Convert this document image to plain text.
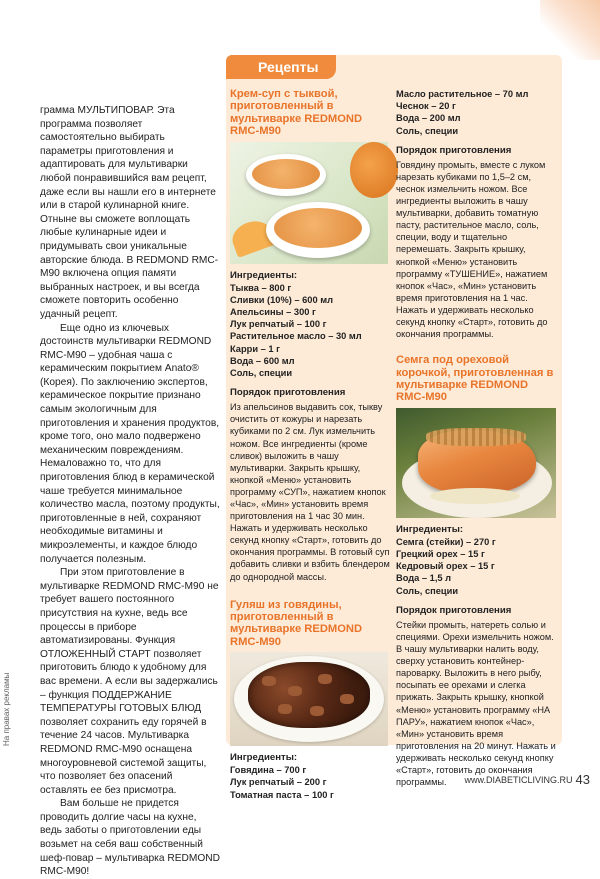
На правах рекламы

грамма МУЛЬТИПОВАР. Эта программа позволяет самостоятельно выбирать параметры приготовления и адаптировать для мультиварки любой понравившийся вам рецепт, даже если вы нашли его в интернете или в старой кулинарной книге. Отныне вы сможете воплощать любые кулинарные идеи и придумывать свои уникальные авторские блюда. В REDMOND RMC-M90 включена опция памяти выбранных настроек, и вы всегда сможете повторить особенно удачный рецепт.

Еще одно из ключевых достоинств мультиварки REDMOND RMC-M90 – удобная чаша с керамическим покрытием Anato® (Корея). По заключению экспертов, керамическое покрытие признано самым экологичным для приготовления и хранения продуктов, кроме того, оно мало подвержено механическим повреждениям. Немаловажно то, что для приготовления блюд в керамической чаше требуется минимальное количество масла, поэтому продукты, приготовленные в ней, сохраняют необходимые витамины и микроэлементы, и каждое блюдо получается полезным.

При этом приготовление в мультиварке REDMOND RMC-M90 не требует вашего постоянного присутствия на кухне, ведь все процессы в приборе автоматизированы. Функция ОТЛОЖЕННЫЙ СТАРТ позволяет приготовить блюдо к удобному для вас времени. А если вы задержались – функция ПОДДЕРЖАНИЕ ТЕМПЕРАТУРЫ ГОТОВЫХ БЛЮД позволяет сохранить еду горячей в течение 24 часов. Мультиварка REDMOND RMC-M90 оснащена многоуровневой системой защиты, что позволяет без опасений оставлять ее без присмотра.

Вам больше не придется проводить долгие часы на кухне, ведь заботы о приготовлении еды возьмет на себя ваш собственный шеф-повар – мультиварка REDMOND RMC-M90!

Рецепты
Крем-суп с тыквой, приготовленный в мультиварке REDMOND RMC-M90
Ингредиенты:
Тыква – 800 г
Сливки (10%) – 600 мл
Апельсины – 300 г
Лук репчатый – 100 г
Растительное масло – 30 мл
Карри – 1 г
Вода – 600 мл
Соль, специи
Порядок приготовления
Из апельсинов выдавить сок, тыкву очистить от кожуры и нарезать кубиками по 2 см. Лук измельчить ножом. Все ингредиенты (кроме сливок) выложить в чашу мультиварки. Закрыть крышку, кнопкой «Меню» установить программу «СУП», нажатием кнопок «Час», «Мин» установить время приготовления на 1 час 30 мин. Нажать и удерживать несколько секунд кнопку «Старт», готовить до окончания программы. В готовый суп добавить сливки и взбить блендером до однородной массы.
Гуляш из говядины, приготовленный в мультиварке REDMOND RMC-M90
Ингредиенты:
Говядина – 700 г
Лук репчатый – 200 г
Томатная паста – 100 г
Масло растительное – 70 мл
Чеснок – 20 г
Вода – 200 мл
Соль, специи
Порядок приготовления
Говядину промыть, вместе с луком нарезать кубиками по 1,5–2 см, чеснок измельчить ножом. Все ингредиенты выложить в чашу мультиварки, добавить томатную пасту, растительное масло, соль, специи, воду и тщательно перемешать. Закрыть крышку, кнопкой «Меню» установить программу «ТУШЕНИЕ», нажатием кнопок «Час», «Мин» установить время приготовления на 1 час. Нажать и удерживать несколько секунд кнопку «Старт», готовить до окончания программы.
Семга под ореховой корочкой, приготовленная в мультиварке REDMOND RMC-M90
Ингредиенты:
Семга (стейки) – 270 г
Грецкий орех – 15 г
Кедровый орех – 15 г
Вода – 1,5 л
Соль, специи
Порядок приготовления
Стейки промыть, натереть солью и специями. Орехи измельчить ножом. В чашу мультиварки налить воду, сверху установить контейнер-пароварку. Выложить в него рыбу, посыпать ее орехами и слегка прижать. Закрыть крышку, кнопкой «Меню» установить программу «НА ПАРУ», нажатием кнопок «Час», «Мин» установить время приготовления на 20 минут. Нажать и удерживать несколько секунд кнопку «Старт», готовить до окончания программы.	www.DIABETICLIVING.RU 43
